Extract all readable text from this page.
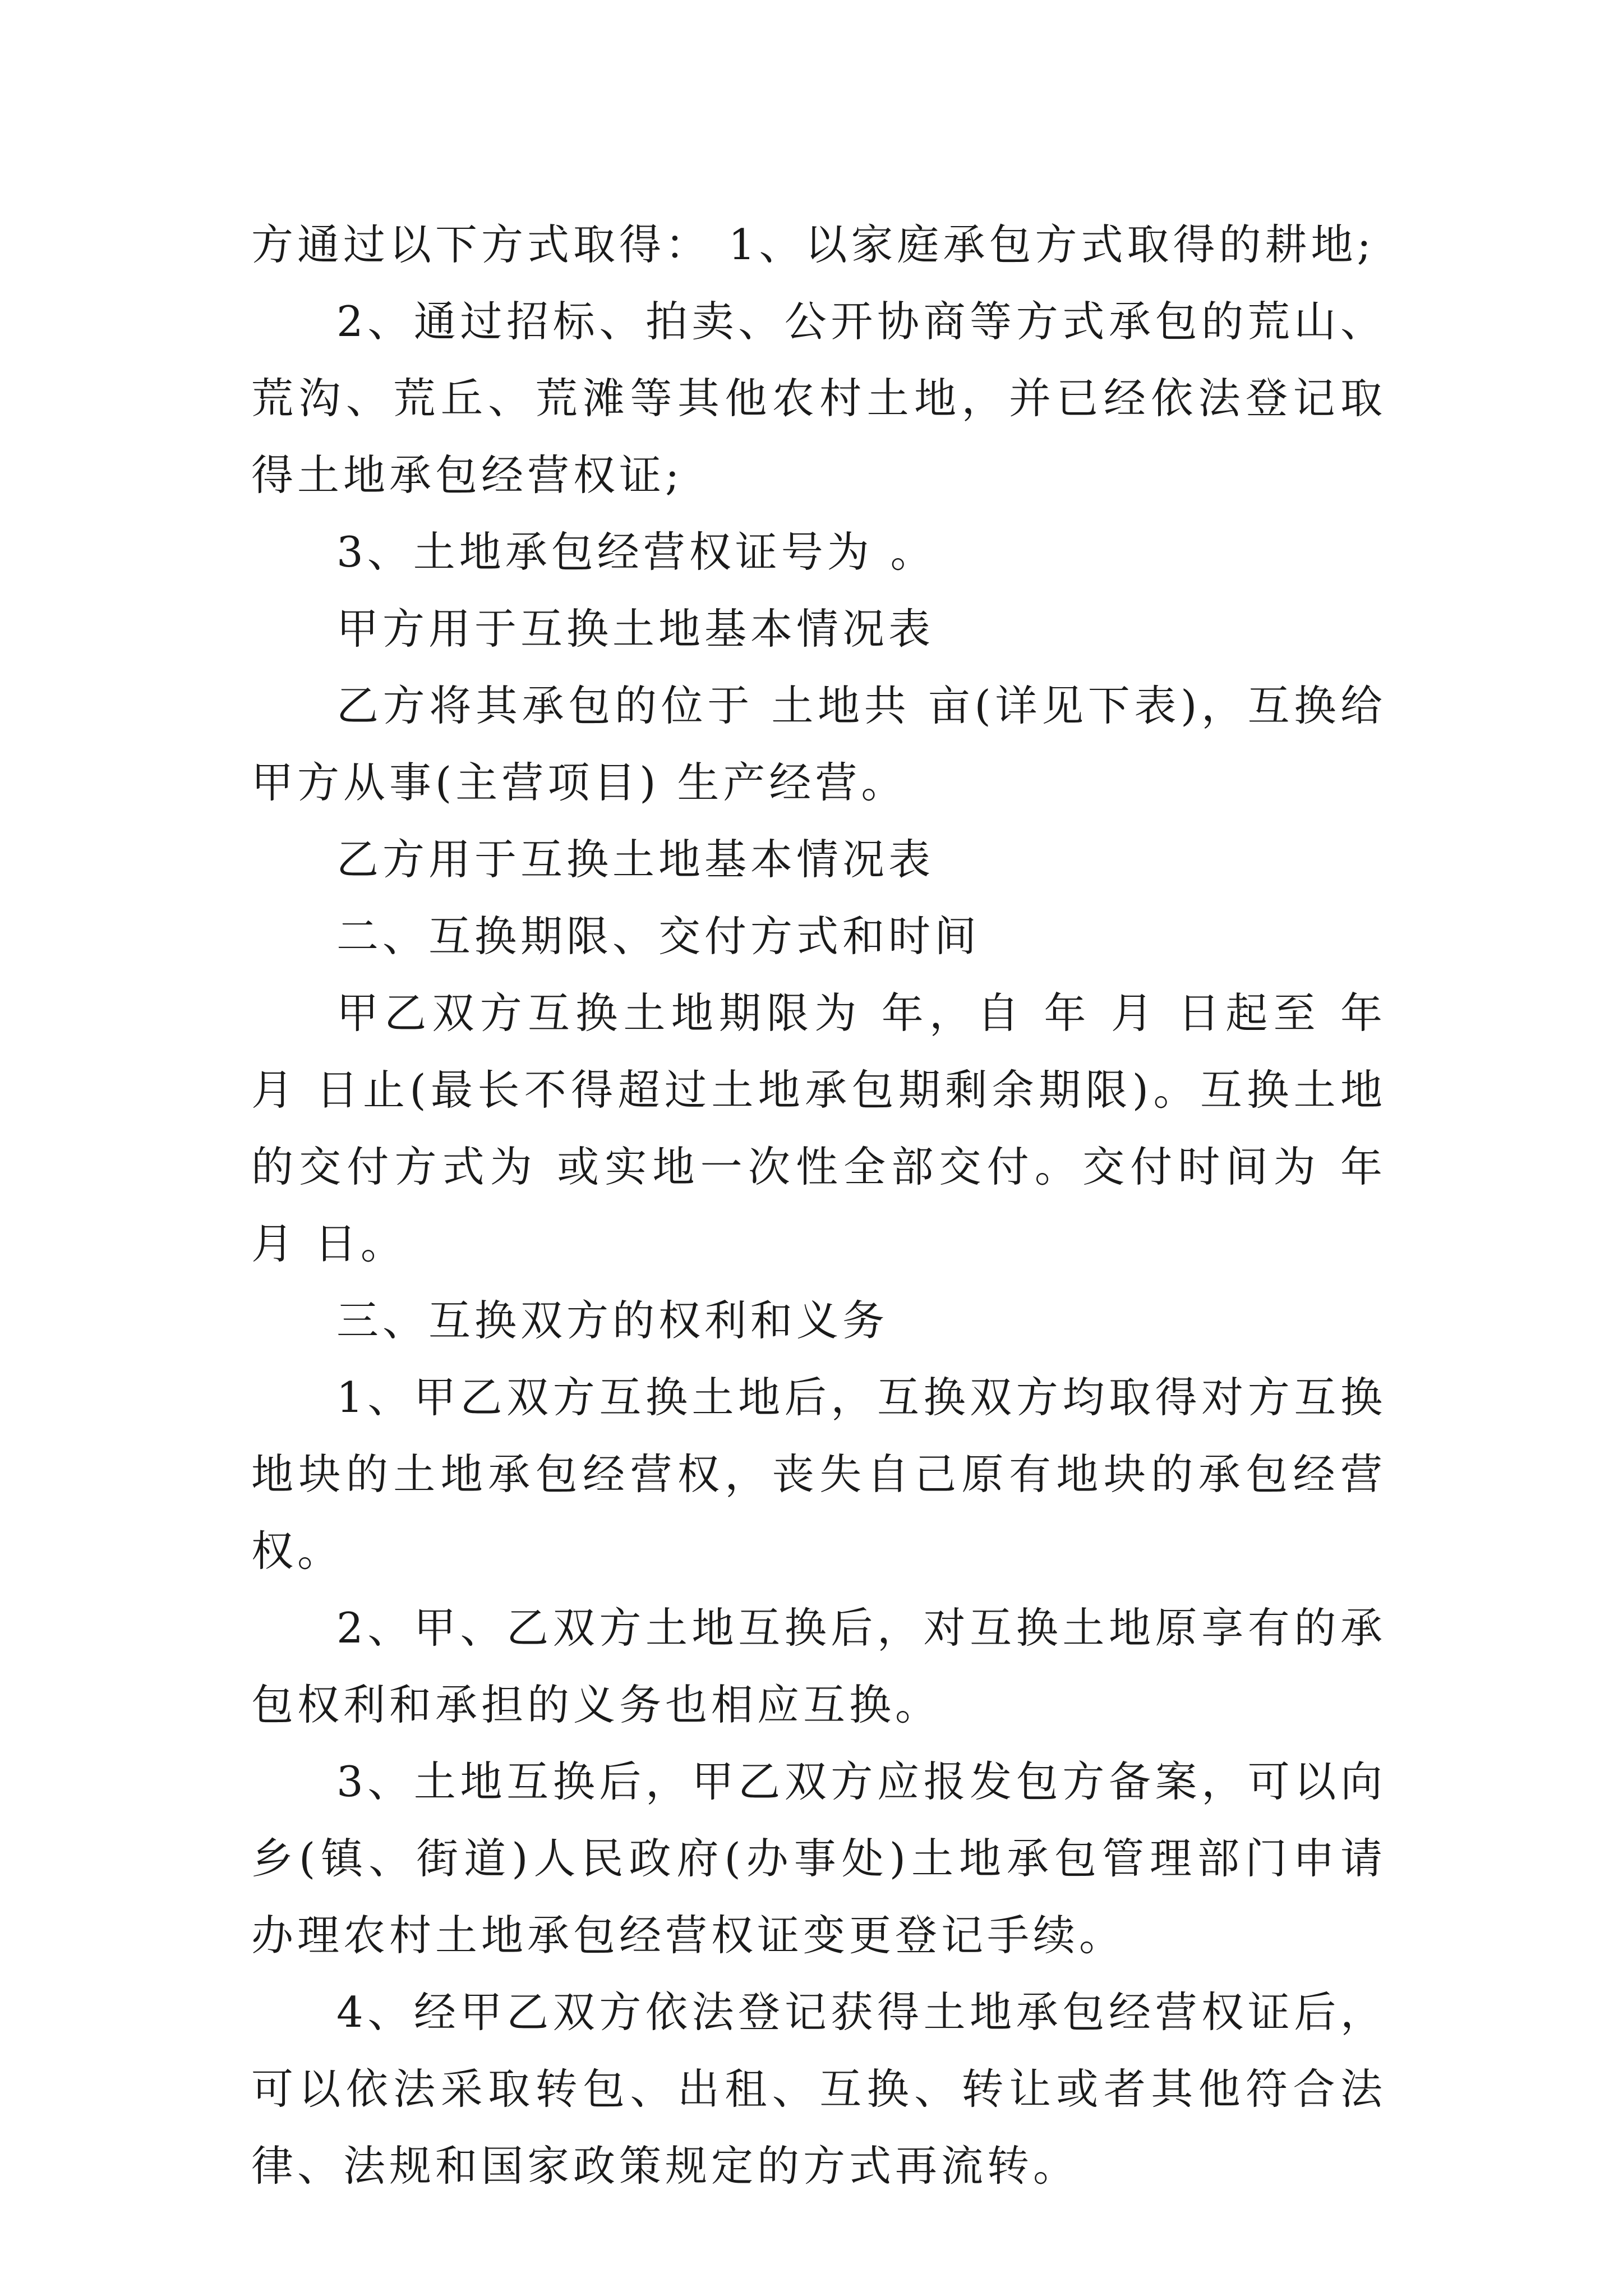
方通过以下方式取得： 1、以家庭承包方式取得的耕地;

2、通过招标、拍卖、公开协商等方式承包的荒山、荒沟、荒丘、荒滩等其他农村土地，并已经依法登记取得土地承包经营权证;

3、土地承包经营权证号为 。

甲方用于互换土地基本情况表

乙方将其承包的位于 土地共 亩(详见下表)，互换给甲方从事(主营项目) 生产经营。

乙方用于互换土地基本情况表

二、互换期限、交付方式和时间

甲乙双方互换土地期限为 年，自 年 月 日起至 年 月 日止(最长不得超过土地承包期剩余期限)。互换土地的交付方式为 或实地一次性全部交付。交付时间为 年 月 日。

三、互换双方的权利和义务

1、甲乙双方互换土地后，互换双方均取得对方互换地块的土地承包经营权，丧失自己原有地块的承包经营权。

2、甲、乙双方土地互换后，对互换土地原享有的承包权利和承担的义务也相应互换。

3、土地互换后，甲乙双方应报发包方备案，可以向乡(镇、街道)人民政府(办事处)土地承包管理部门申请办理农村土地承包经营权证变更登记手续。

4、经甲乙双方依法登记获得土地承包经营权证后，可以依法采取转包、出租、互换、转让或者其他符合法律、法规和国家政策规定的方式再流转。
